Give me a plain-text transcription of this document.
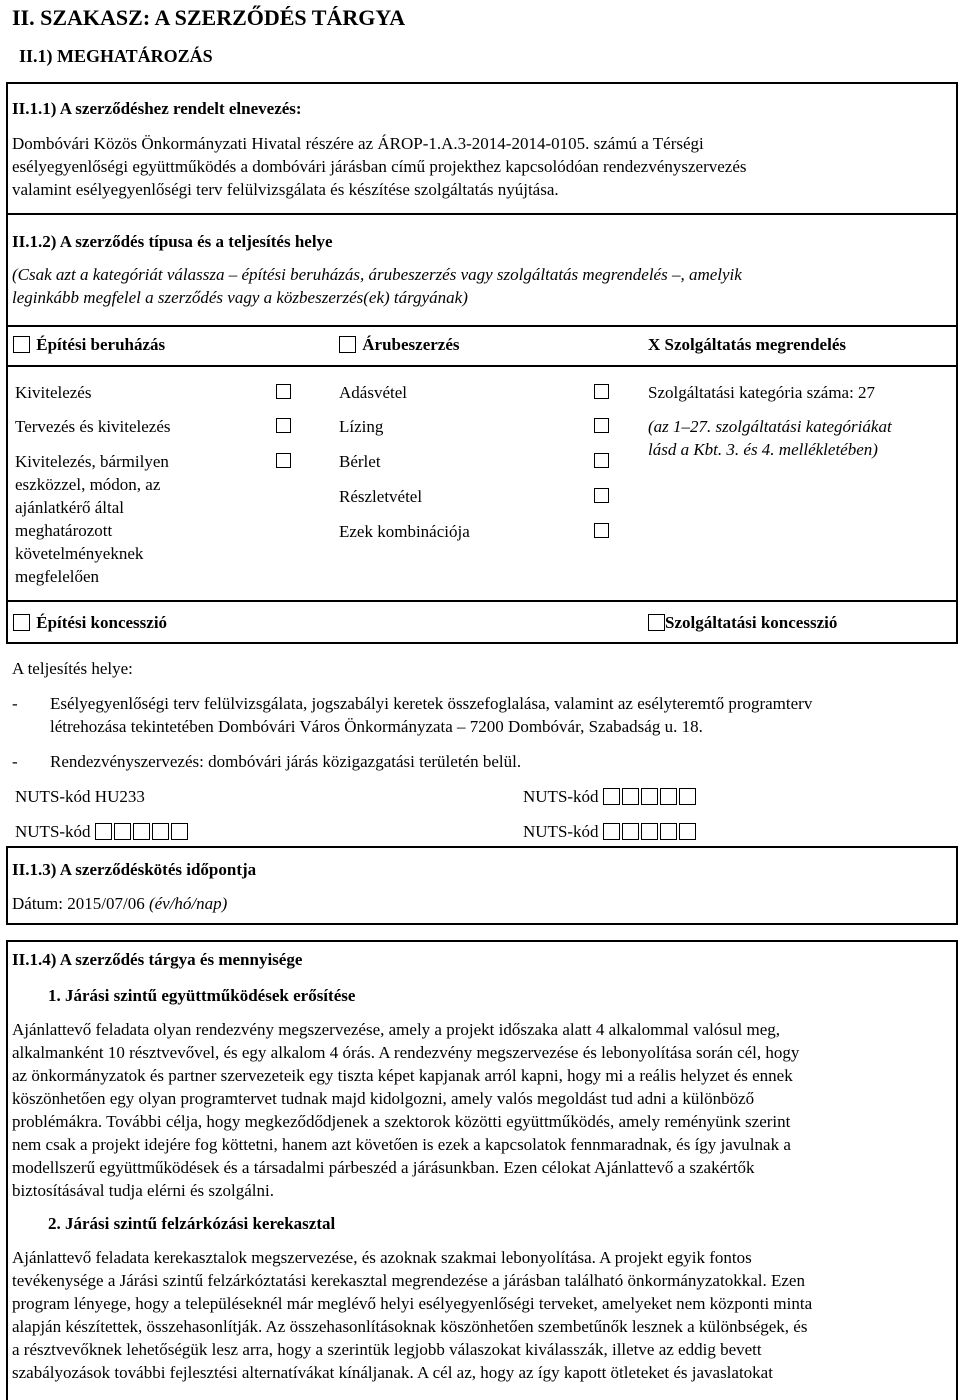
II. SZAKASZ: A SZERZŐDÉS TÁRGYA
II.1) MEGHATÁROZÁS
II.1.1) A szerződéshez rendelt elnevezés:
Dombóvári Közös Önkormányzati Hivatal részére az ÁROP-1.A.3-2014-2014-0105. számú a Térségi
esélyegyenlőségi együttműködés a dombóvári járásban című projekthez kapcsolódóan rendezvényszervezés
valamint esélyegyenlőségi terv felülvizsgálata és készítése szolgáltatás nyújtása.
II.1.2) A szerződés típusa és a teljesítés helye
(Csak azt a kategóriát válassza – építési beruházás, árubeszerzés vagy szolgáltatás megrendelés –, amelyik
leginkább megfelel a szerződés vagy a közbeszerzés(ek) tárgyának)
Építési beruházás	Árubeszerzés	X Szolgáltatás megrendelés
Kivitelezés
Tervezés és kivitelezés
Kivitelezés, bármilyen
eszközzel, módon, az
ajánlatkérő által
meghatározott
követelményeknek
megfelelően
Adásvétel
Lízing
Bérlet
Részletvétel
Ezek kombinációja
Szolgáltatási kategória száma: 27
(az 1–27. szolgáltatási kategóriákat
lásd a Kbt. 3. és 4. mellékletében)
Építési koncesszió	Szolgáltatási koncesszió
A teljesítés helye:
- Esélyegyenlőségi terv felülvizsgálata, jogszabályi keretek összefoglalása, valamint az esélyteremtő programterv
létrehozása tekintetében Dombóvári Város Önkormányzata – 7200 Dombóvár, Szabadság u. 18.
- Rendezvényszervezés: dombóvári járás közigazgatási területén belül.
NUTS-kód HU233	NUTS-kód
NUTS-kód	NUTS-kód
II.1.3) A szerződéskötés időpontja
Dátum: 2015/07/06 (év/hó/nap)
II.1.4) A szerződés tárgya és mennyisége
1. Járási szintű együttműködések erősítése
Ajánlattevő feladata olyan rendezvény megszervezése, amely a projekt időszaka alatt 4 alkalommal valósul meg,
alkalmanként 10 résztvevővel, és egy alkalom 4 órás. A rendezvény megszervezése és lebonyolítása során cél, hogy
az önkormányzatok és partner szervezeteik egy tiszta képet kapjanak arról kapni, hogy mi a reális helyzet és ennek
köszönhetően egy olyan programtervet tudnak majd kidolgozni, amely valós megoldást tud adni a különböző
problémákra. További célja, hogy megkeződődjenek a szektorok közötti együttműködés, amely reményünk szerint
nem csak a projekt idejére fog köttetni, hanem azt követően is ezek a kapcsolatok fennmaradnak, és így javulnak a
modellszerű együttműködések és a társadalmi párbeszéd a járásunkban. Ezen célokat Ajánlattevő a szakértők
biztosításával tudja elérni és szolgálni.
2. Járási szintű felzárkózási kerekasztal
Ajánlattevő feladata kerekasztalok megszervezése, és azoknak szakmai lebonyolítása. A projekt egyik fontos
tevékenysége a Járási szintű felzárkóztatási kerekasztal megrendezése a járásban található önkormányzatokkal. Ezen
program lényege, hogy a településeknél már meglévő helyi esélyegyenlőségi terveket, amelyeket nem központi minta
alapján készítettek, összehasonlítják. Az összehasonlításoknak köszönhetően szembetűnők lesznek a különbségek, és
a résztvevőknek lehetőségük lesz arra, hogy a szerintük legjobb válaszokat kiválasszák, illetve az eddig bevett
szabályozások további fejlesztési alternatívákat kínáljanak. A cél az, hogy az így kapott ötleteket és javaslatokat
